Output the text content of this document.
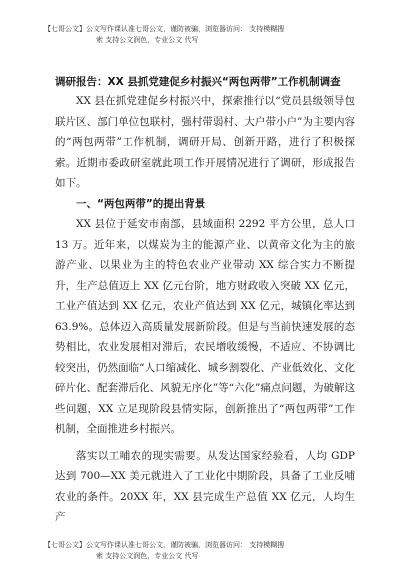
【七哥公文】公文写作课认准七哥公文，谨防被骗，浏览器访问： 支持模糊搜
索 支持公文润色，专业公文 代写
调研报告：XX 县抓党建促乡村振兴“两包两带”工作机制调查

XX 县在抓党建促乡村振兴中，探索推行以“党员县级领导包联片区、部门单位包联村，强村带弱村、大户带小户”为主要内容的“两包两带”工作机制，调研开局、创新开路，进行了积极探索。近期市委政研室就此项工作开展情况进行了调研，形成报告如下。

一、“两包两带”的提出背景

XX 县位于延安市南部，县域面积 2292 平方公里，总人口 13 万。近年来，以煤炭为主的能源产业、以黄帝文化为主的旅游产业、以果业为主的特色农业产业带动 XX 综合实力不断提升，生产总值迈上 XX 亿元台阶，地方财政收入突破 XX 亿元，工业产值达到 XX 亿元，农业产值达到 XX 亿元，城镇化率达到 63.9%。总体迈入高质量发展新阶段。但是与当前快速发展的态势相比，农业发展相对滞后，农民增收缓慢，不适应、不协调比较突出，仍然面临“人口缩减化、城乡割裂化、产业低效化、文化碎片化、配套滞后化、风貌无序化”等“六化”痛点问题，为破解这些问题，XX 立足现阶段县情实际，创新推出了“两包两带”工作机制，全面推进乡村振兴。

落实以工哺农的现实需要。从发达国家经验看，人均 GDP 达到 700—XX 美元就进入了工业化中期阶段，具备了工业反哺农业的条件。20XX 年，XX 县完成生产总值 XX 亿元，人均生产

【七哥公文】公文写作课认准七哥公文，谨防被骗，浏览器访问： 支持模糊搜
索 支持公文润色，专业公文 代写
